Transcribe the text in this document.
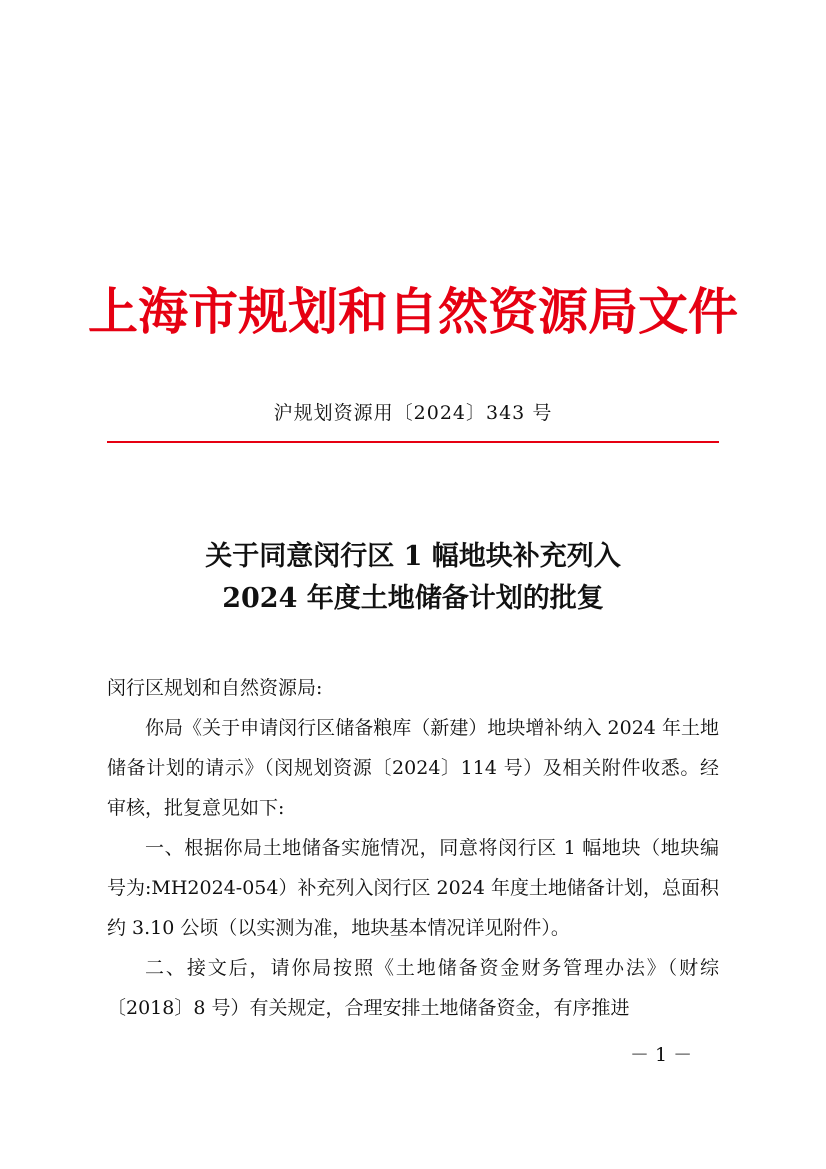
上海市规划和自然资源局文件
沪规划资源用〔2024〕343 号
关于同意闵行区 1 幅地块补充列入
2024 年度土地储备计划的批复

闵行区规划和自然资源局:

你局《关于申请闵行区储备粮库（新建）地块增补纳入 2024 年土地储备计划的请示》（闵规划资源〔2024〕114 号）及相关附件收悉。经审核，批复意见如下:

一、根据你局土地储备实施情况，同意将闵行区 1 幅地块（地块编号为:MH2024-054）补充列入闵行区 2024 年度土地储备计划，总面积约 3.10 公顷（以实测为准，地块基本情况详见附件）。

二、接文后，请你局按照《土地储备资金财务管理办法》（财综〔2018〕8 号）有关规定，合理安排土地储备资金，有序推进

－ 1 －
